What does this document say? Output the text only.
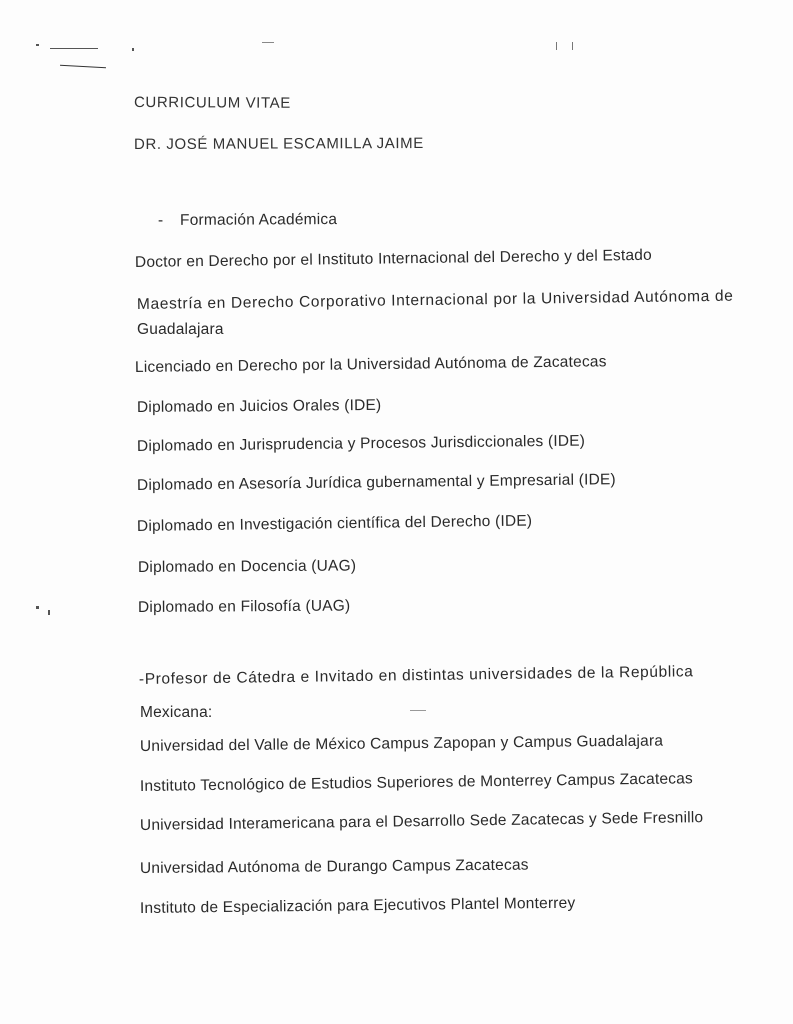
CURRICULUM VITAE
DR. JOSÉ MANUEL ESCAMILLA JAIME
- Formación Académica
Doctor en Derecho por el Instituto Internacional del Derecho y del Estado
Maestría en Derecho Corporativo Internacional por la Universidad Autónoma de
Guadalajara
Licenciado en Derecho por la Universidad Autónoma de Zacatecas
Diplomado en Juicios Orales (IDE)
Diplomado en Jurisprudencia y Procesos Jurisdiccionales (IDE)
Diplomado en Asesoría Jurídica gubernamental y Empresarial (IDE)
Diplomado en Investigación científica del Derecho (IDE)
Diplomado en Docencia (UAG)
Diplomado en Filosofía (UAG)
-Profesor de Cátedra e Invitado en distintas universidades de la República
Mexicana:
Universidad del Valle de México Campus Zapopan y Campus Guadalajara
Instituto Tecnológico de Estudios Superiores de Monterrey Campus Zacatecas
Universidad Interamericana para el Desarrollo Sede Zacatecas y Sede Fresnillo
Universidad Autónoma de Durango Campus Zacatecas
Instituto de Especialización para Ejecutivos Plantel Monterrey
